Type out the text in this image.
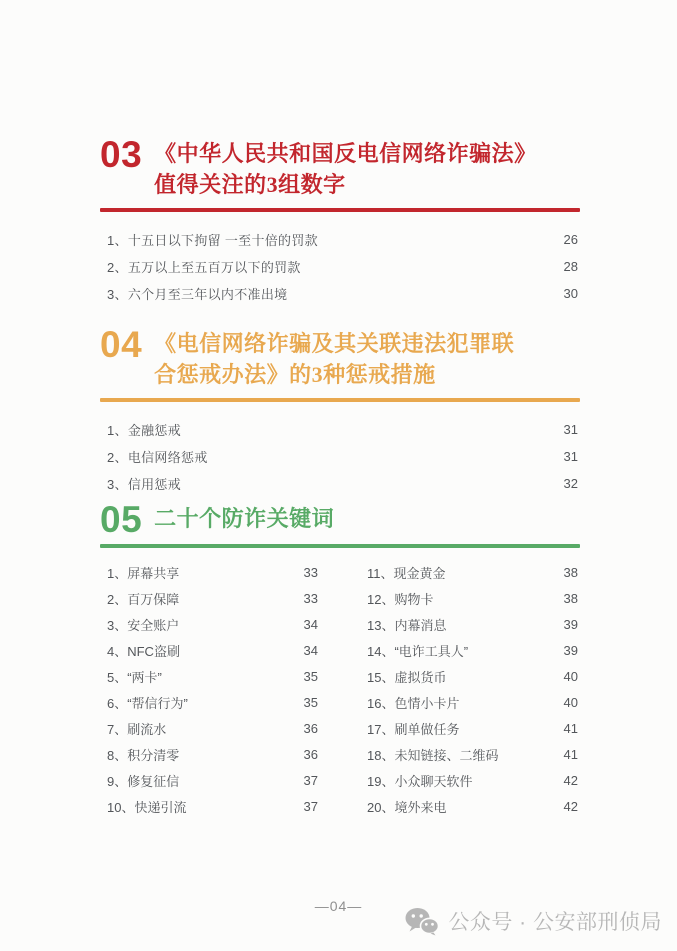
03 《中华人民共和国反电信网络诈骗法》
值得关注的3组数字
1、十五日以下拘留 一至十倍的罚款	26
2、五万以上至五百万以下的罚款	28
3、六个月至三年以内不准出境	30
04 《电信网络诈骗及其关联违法犯罪联
合惩戒办法》的3种惩戒措施
1、金融惩戒	31
2、电信网络惩戒	31
3、信用惩戒	32
05 二十个防诈关键词
1、屏幕共享	33
2、百万保障	33
3、安全账户	34
4、NFC盗刷	34
5、“两卡”	35
6、“帮信行为”	35
7、刷流水	36
8、积分清零	36
9、修复征信	37
10、快递引流	37
11、现金黄金	38
12、购物卡	38
13、内幕消息	39
14、“电诈工具人”	39
15、虚拟货币	40
16、色情小卡片	40
17、刷单做任务	41
18、未知链接、二维码	41
19、小众聊天软件	42
20、境外来电	42
—04—
公众号 · 公安部刑侦局
